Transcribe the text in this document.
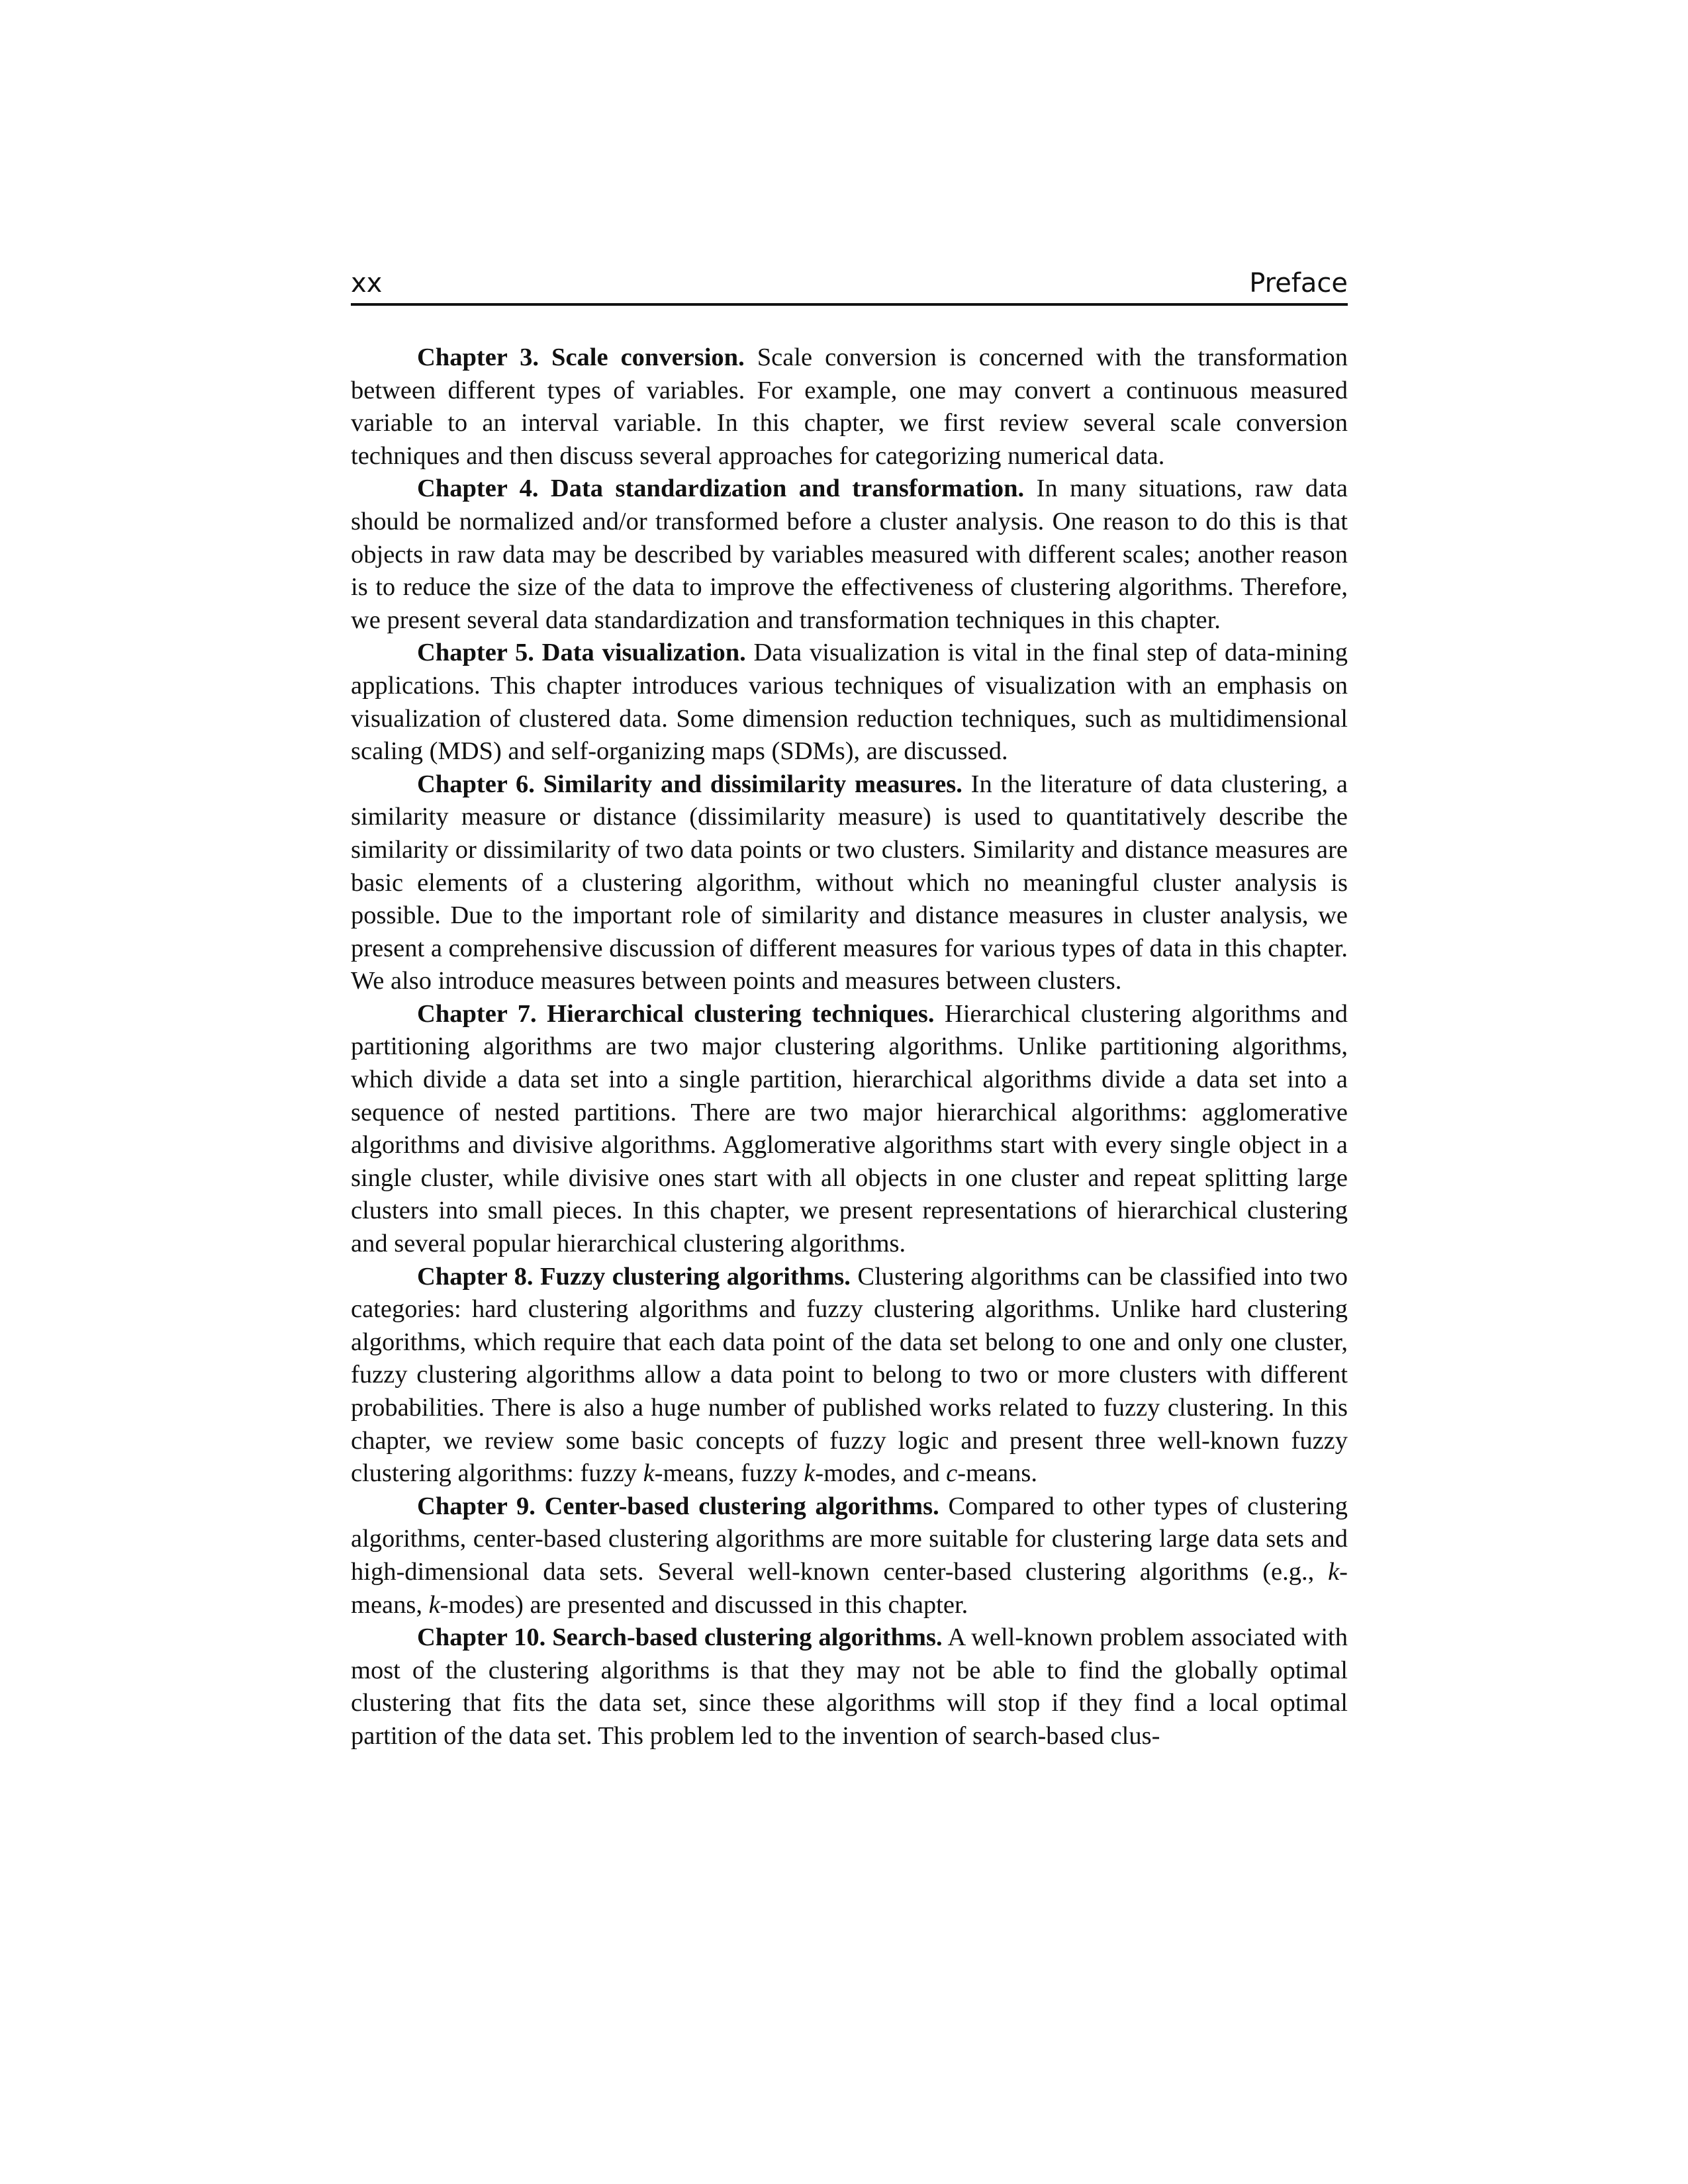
xx	Preface

Chapter 3. Scale conversion. Scale conversion is concerned with the transformation between different types of variables. For example, one may convert a continuous measured variable to an interval variable. In this chapter, we first review several scale conversion techniques and then discuss several approaches for categorizing numerical data.

Chapter 4. Data standardization and transformation. In many situations, raw data should be normalized and/or transformed before a cluster analysis. One reason to do this is that objects in raw data may be described by variables measured with different scales; another reason is to reduce the size of the data to improve the effectiveness of clustering algorithms. Therefore, we present several data standardization and transformation techniques in this chapter.

Chapter 5. Data visualization. Data visualization is vital in the final step of data-mining applications. This chapter introduces various techniques of visualization with an emphasis on visualization of clustered data. Some dimension reduction techniques, such as multidimensional scaling (MDS) and self-organizing maps (SDMs), are discussed.

Chapter 6. Similarity and dissimilarity measures. In the literature of data clustering, a similarity measure or distance (dissimilarity measure) is used to quantitatively describe the similarity or dissimilarity of two data points or two clusters. Similarity and distance measures are basic elements of a clustering algorithm, without which no meaningful cluster analysis is possible. Due to the important role of similarity and distance measures in cluster analysis, we present a comprehensive discussion of different measures for various types of data in this chapter. We also introduce measures between points and measures between clusters.

Chapter 7. Hierarchical clustering techniques. Hierarchical clustering algorithms and partitioning algorithms are two major clustering algorithms. Unlike partitioning algorithms, which divide a data set into a single partition, hierarchical algorithms divide a data set into a sequence of nested partitions. There are two major hierarchical algorithms: agglomerative algorithms and divisive algorithms. Agglomerative algorithms start with every single object in a single cluster, while divisive ones start with all objects in one cluster and repeat splitting large clusters into small pieces. In this chapter, we present representations of hierarchical clustering and several popular hierarchical clustering algorithms.

Chapter 8. Fuzzy clustering algorithms. Clustering algorithms can be classified into two categories: hard clustering algorithms and fuzzy clustering algorithms. Unlike hard clustering algorithms, which require that each data point of the data set belong to one and only one cluster, fuzzy clustering algorithms allow a data point to belong to two or more clusters with different probabilities. There is also a huge number of published works related to fuzzy clustering. In this chapter, we review some basic concepts of fuzzy logic and present three well-known fuzzy clustering algorithms: fuzzy k-means, fuzzy k-modes, and c-means.

Chapter 9. Center-based clustering algorithms. Compared to other types of clustering algorithms, center-based clustering algorithms are more suitable for clustering large data sets and high-dimensional data sets. Several well-known center-based clustering algorithms (e.g., k-means, k-modes) are presented and discussed in this chapter.

Chapter 10. Search-based clustering algorithms. A well-known problem associated with most of the clustering algorithms is that they may not be able to find the globally optimal clustering that fits the data set, since these algorithms will stop if they find a local optimal partition of the data set. This problem led to the invention of search-based clus-
